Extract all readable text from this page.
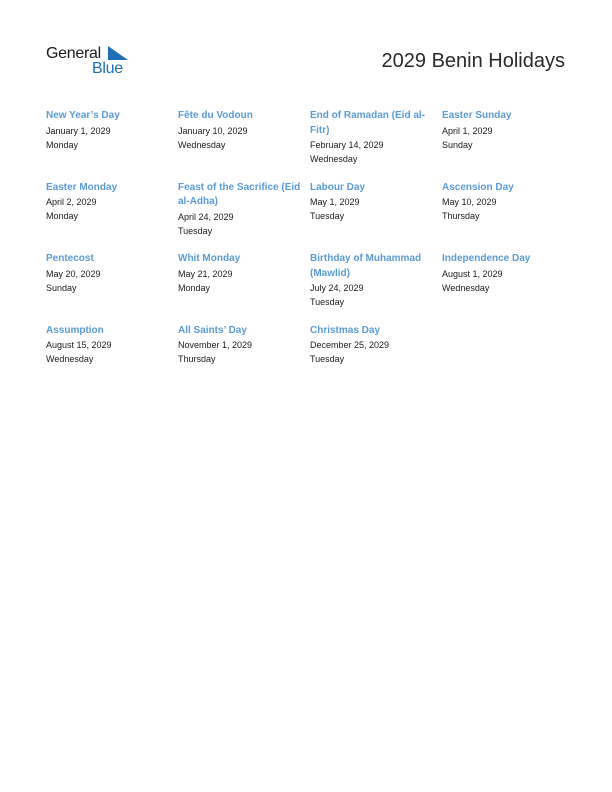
General
Blue	2029 Benin Holidays

New Year’s Day

January 1, 2029

Monday

Fête du Vodoun

January 10, 2029

Wednesday

End of Ramadan (Eid al-Fitr)

February 14, 2029

Wednesday

Easter Sunday

April 1, 2029

Sunday

Easter Monday

April 2, 2029

Monday

Feast of the Sacrifice (Eid al-Adha)

April 24, 2029

Tuesday

Labour Day

May 1, 2029

Tuesday

Ascension Day

May 10, 2029

Thursday

Pentecost

May 20, 2029

Sunday

Whit Monday

May 21, 2029

Monday

Birthday of Muhammad (Mawlid)

July 24, 2029

Tuesday

Independence Day

August 1, 2029

Wednesday

Assumption

August 15, 2029

Wednesday

All Saints’ Day

November 1, 2029

Thursday

Christmas Day

December 25, 2029

Tuesday
